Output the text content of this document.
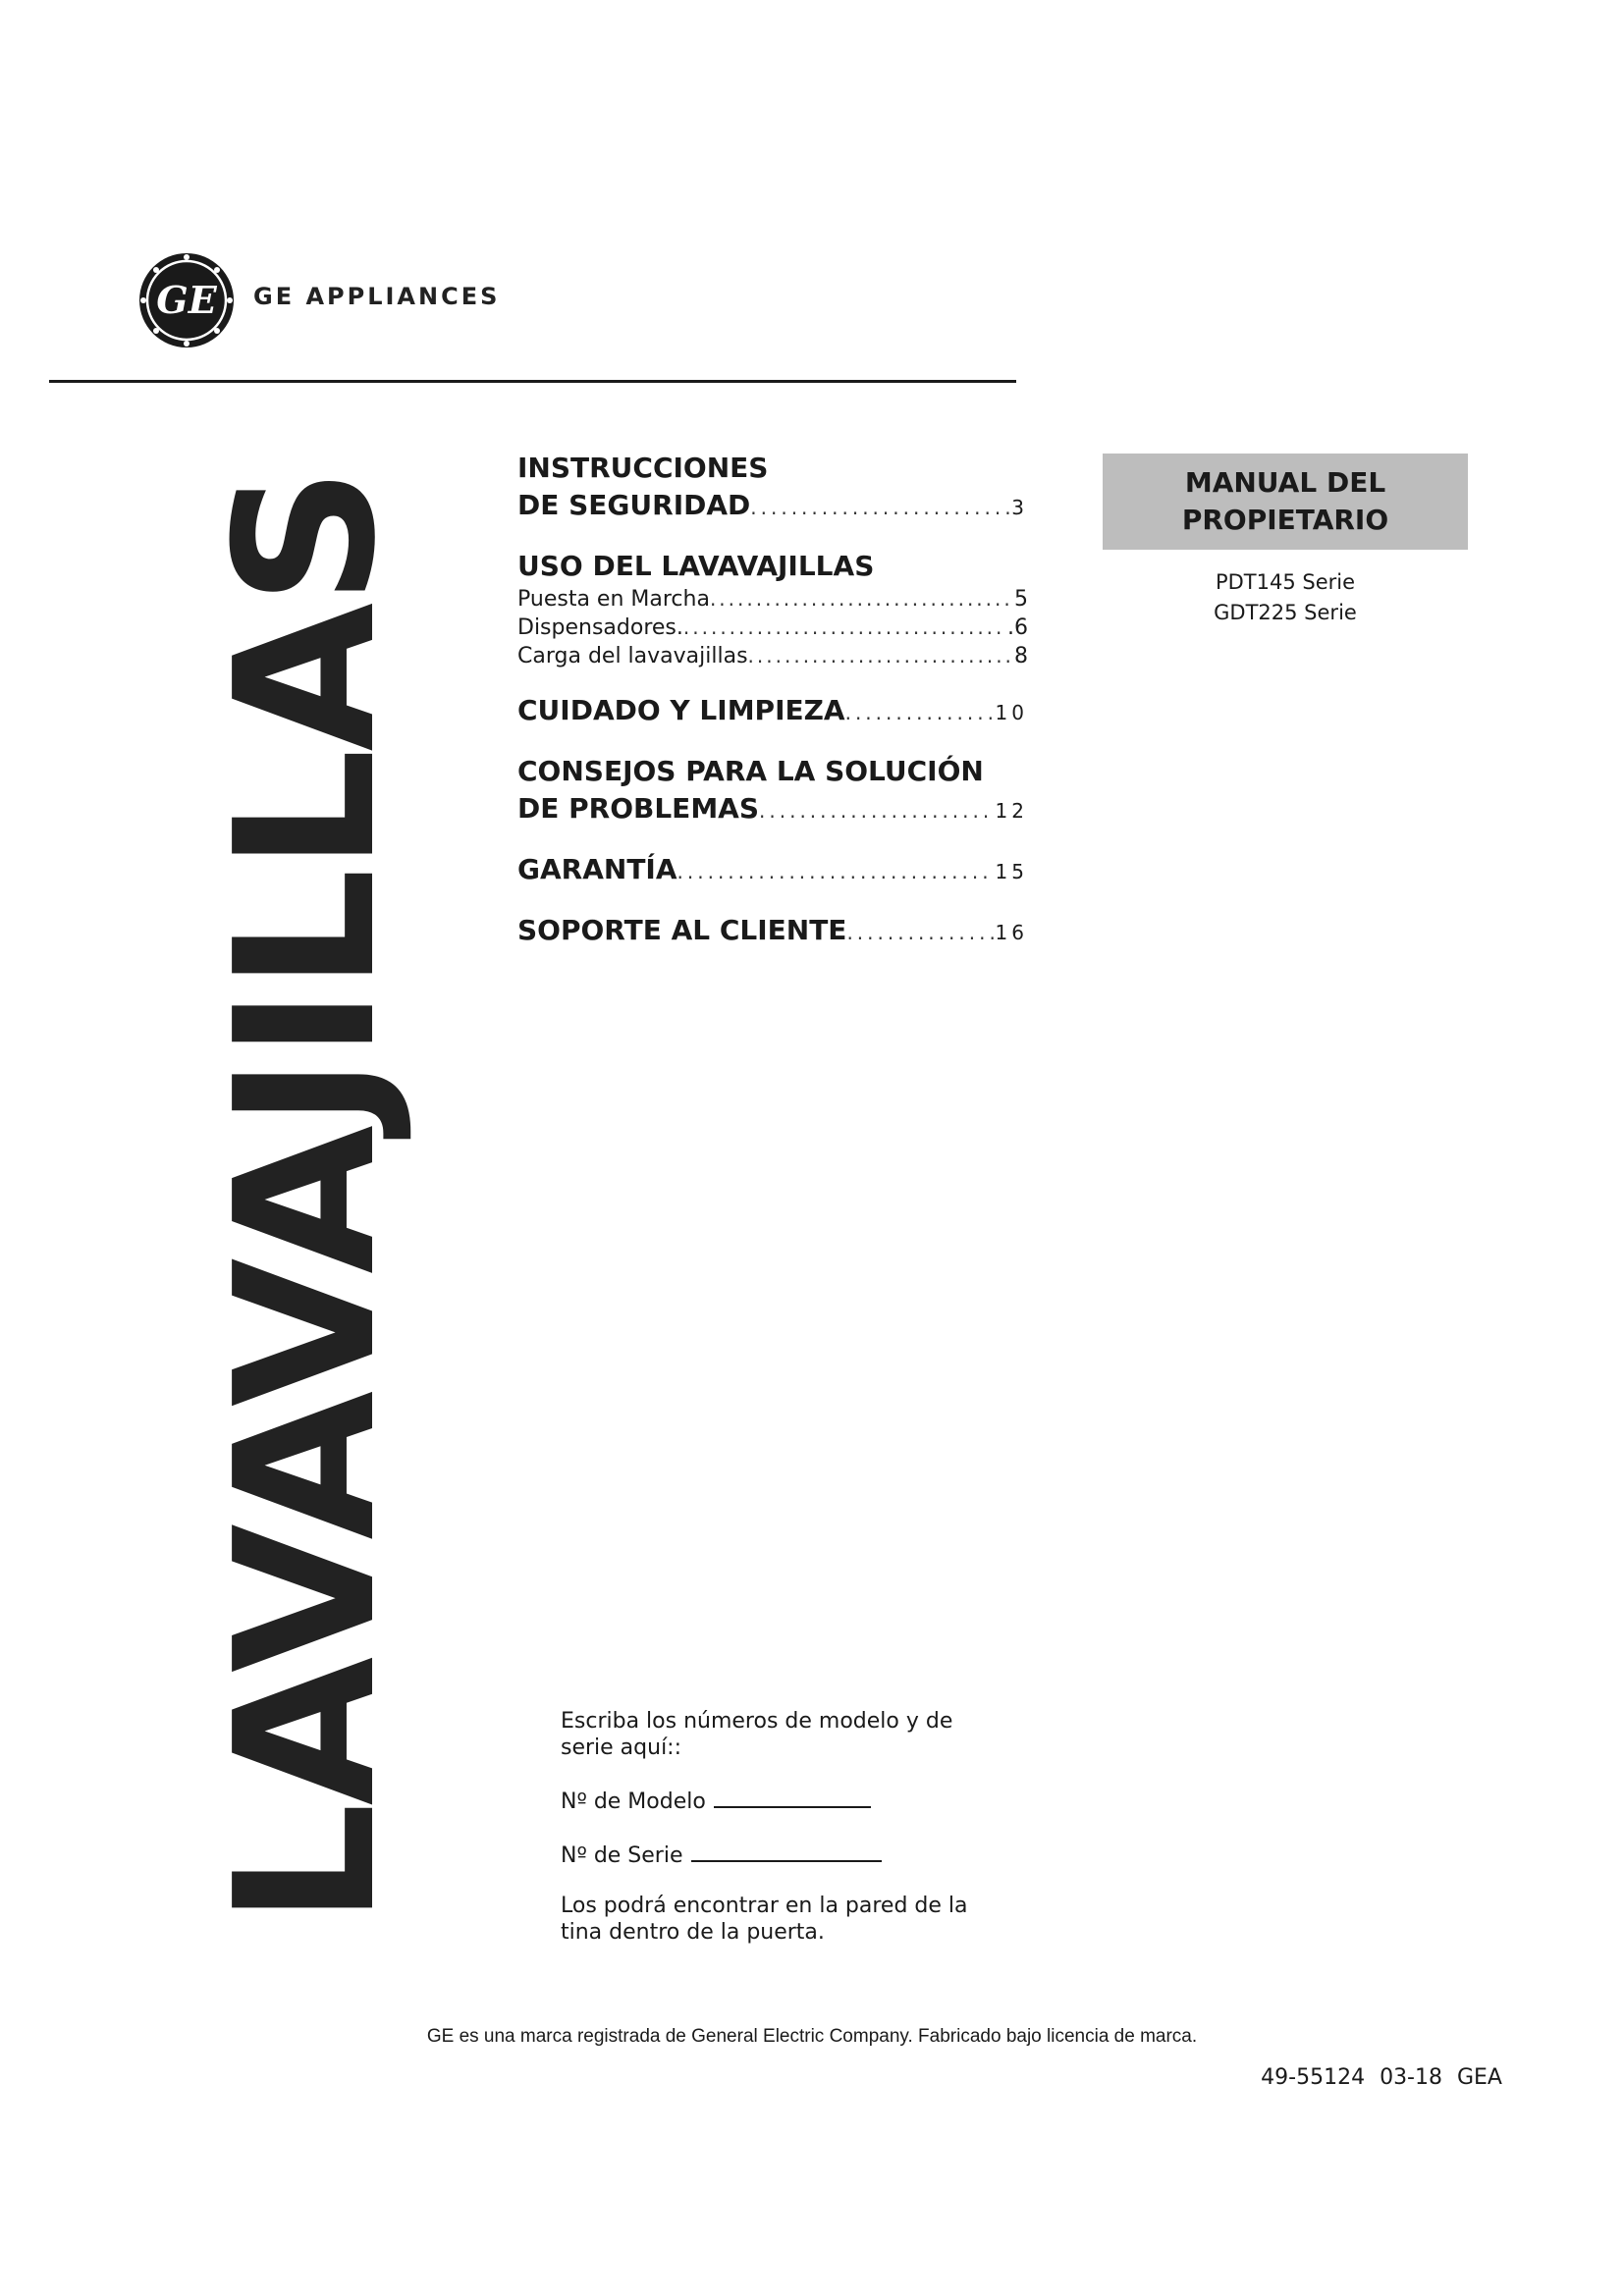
GE GE APPLIANCES
LAVAVAJILLAS
INSTRUCCIONES
DE SEGURIDAD .....	3
USO DEL LAVAVAJILLAS
Puesta en Marcha .....	5
Dispensadores. .....	.6
Carga del lavavajillas .....	8
CUIDADO Y LIMPIEZA .....	10
CONSEJOS PARA LA SOLUCIÓN
DE PROBLEMAS .....	12
GARANTÍA .....	15
SOPORTE AL CLIENTE .....	16
MANUAL DEL
PROPIETARIO
PDT145 Serie
GDT225 Serie

Escriba los números de modelo y de serie aquí::

Nº de Modelo
Nº de Serie

Los podrá encontrar en la pared de la tina dentro de la puerta.

GE es una marca registrada de General Electric Company. Fabricado bajo licencia de marca.
49-55124 03-18 GEA
